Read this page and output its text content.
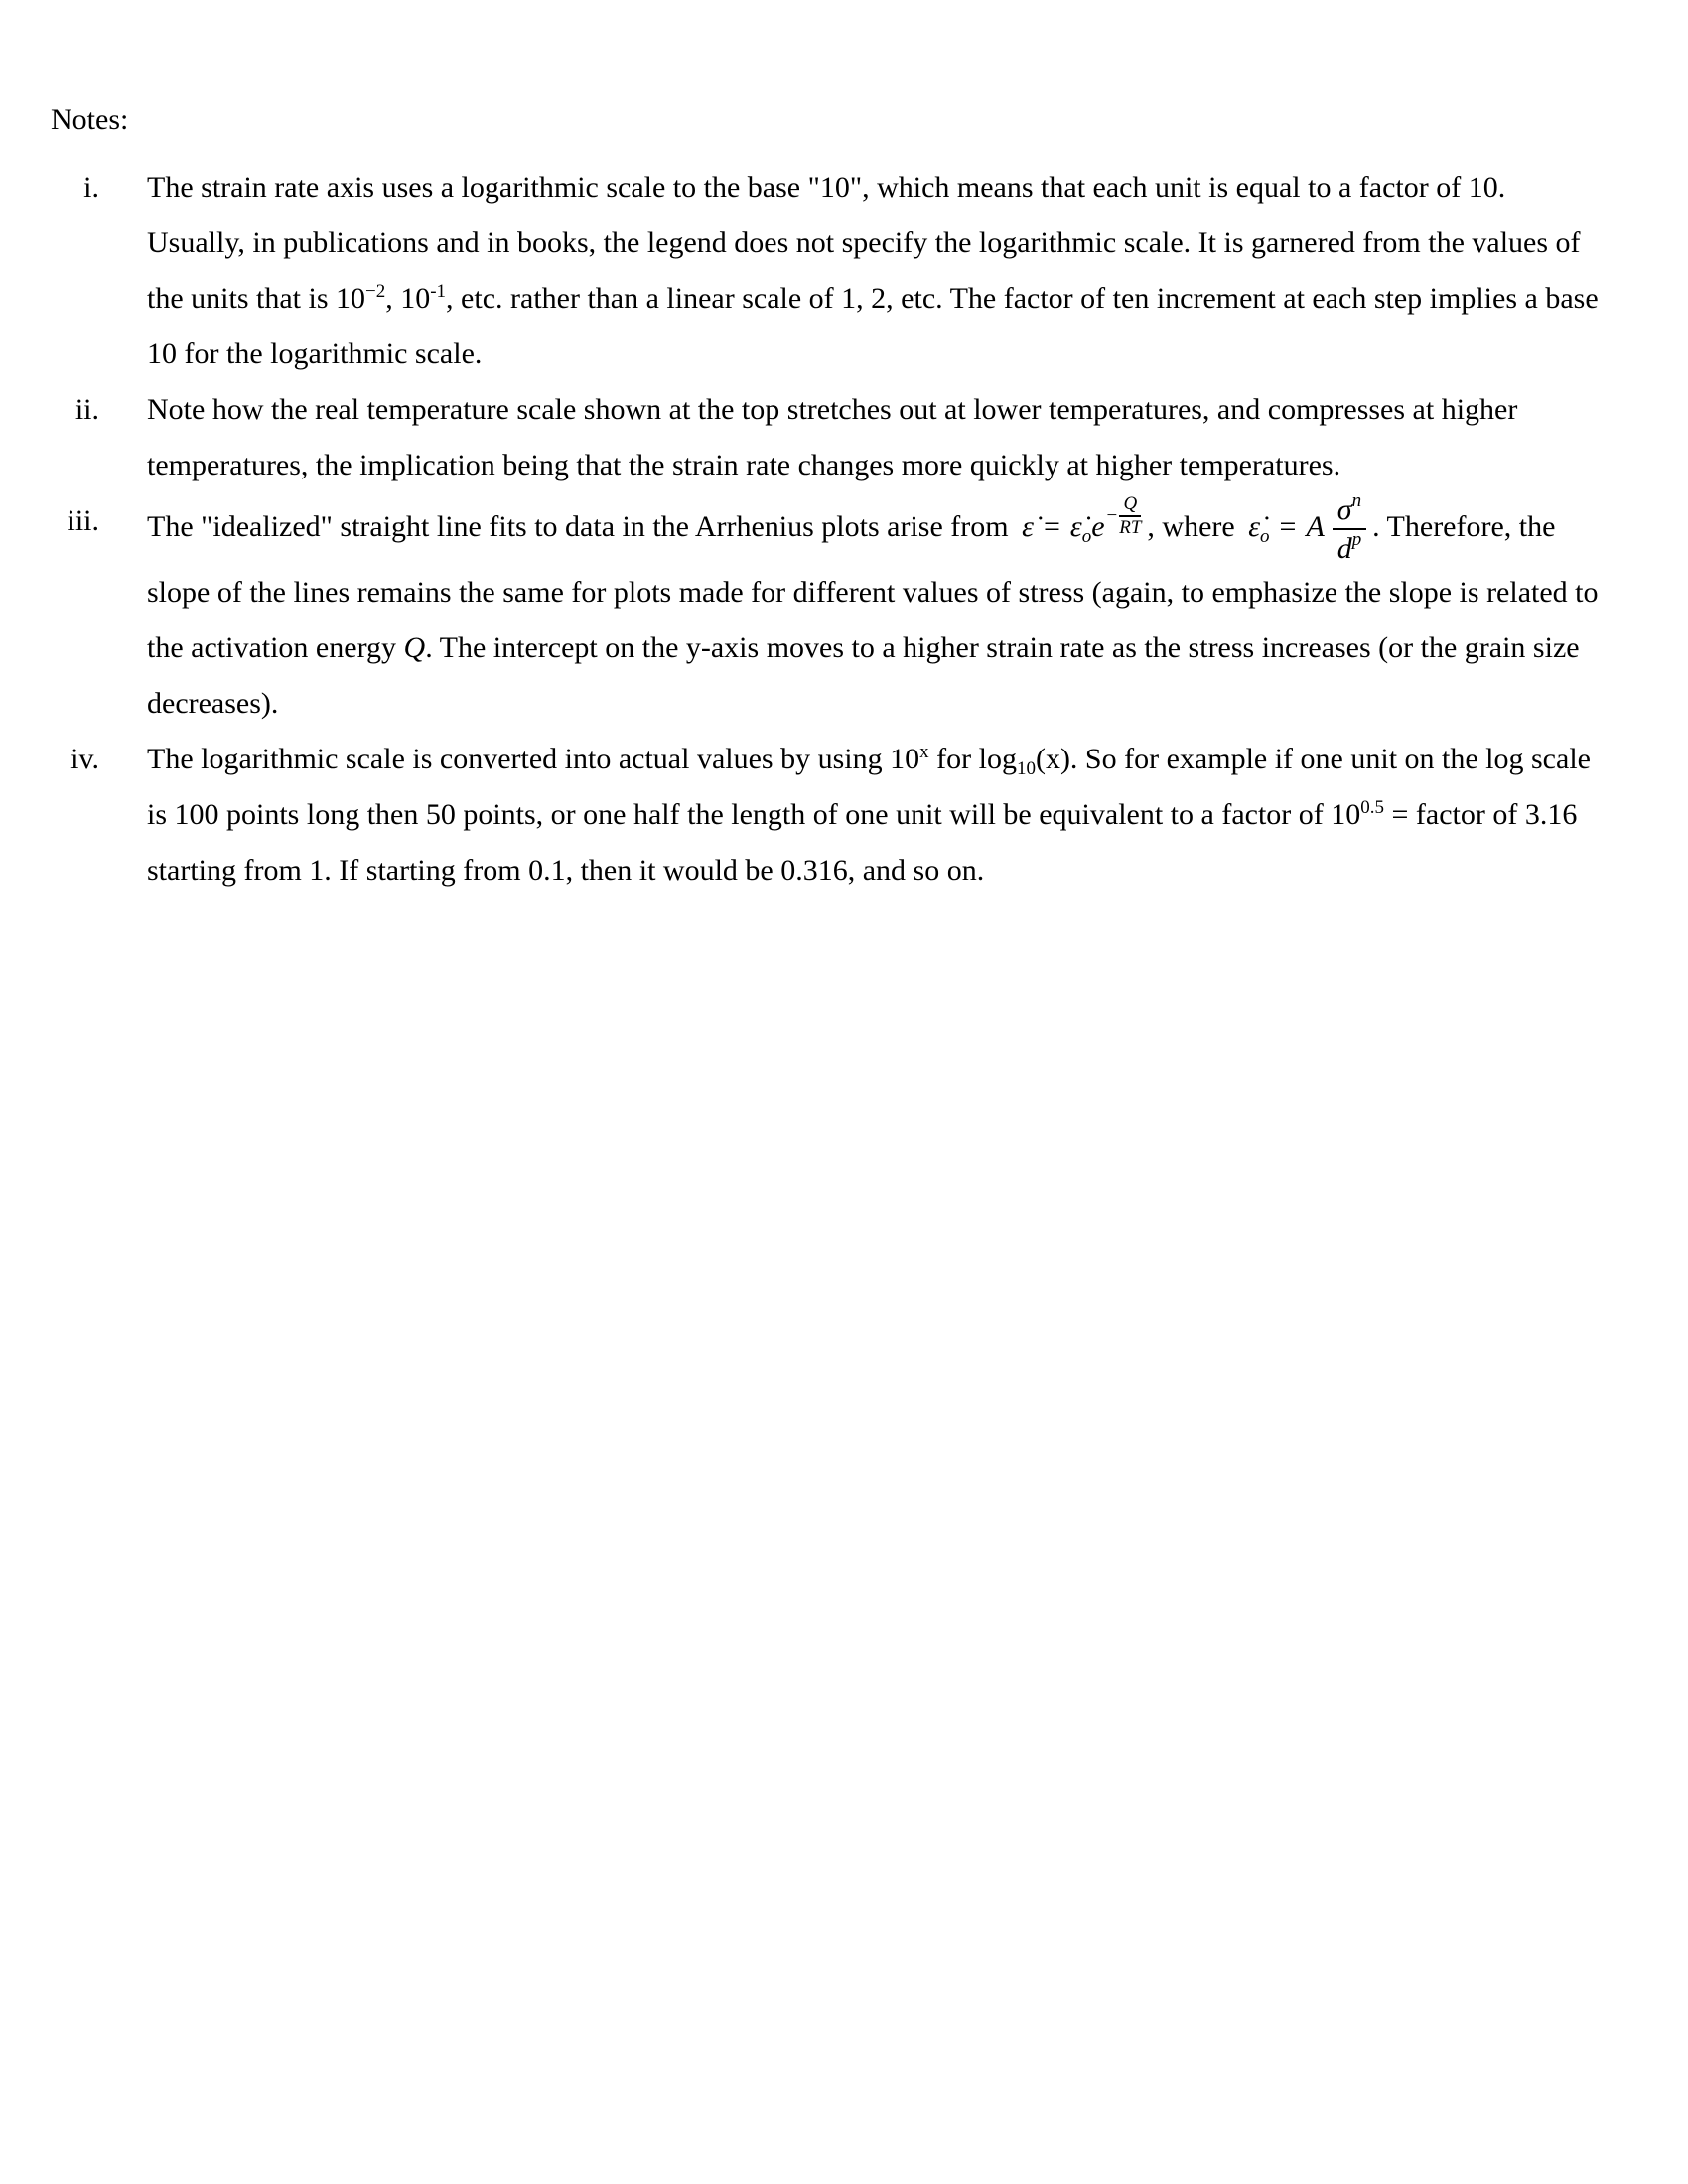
Notes:

i. The strain rate axis uses a logarithmic scale to the base "10", which means that each unit is equal to a factor of 10. Usually, in publications and in books, the legend does not specify the logarithmic scale. It is garnered from the values of the units that is $10^{-2}$, $10^{-1}$, etc. rather than a linear scale of 1, 2, etc. The factor of ten increment at each step implies a base 10 for the logarithmic scale.
ii. Note how the real temperature scale shown at the top stretches out at lower temperatures, and compresses at higher temperatures, the implication being that the strain rate changes more quickly at higher temperatures.
iii. The "idealized" straight line fits to data in the Arrhenius plots arise from ε̇ = $\varepsiloṅ_oe - \frac{Q}{RT}$ , where $\varepsiloṅ_o = A \frac{\sigma^n}{d^p}$ . Therefore, the slope of the lines remains the same for plots made for different values of stress (again, to emphasize the slope is related to the activation energy Q. The intercept on the y-axis moves to a higher strain rate as the stress increases (or the grain size decreases).
iv. The logarithmic scale is converted into actual values by using 10$^x$ for $\log_{10}(x)$. So for example if one unit on the log scale is 100 points long then 50 points, or one half the length of one unit will be equivalent to a factor of $10^{0.5}$ = factor of 3.16 starting from 1. If starting from 0.1, then it would be 0.316, and so on.
